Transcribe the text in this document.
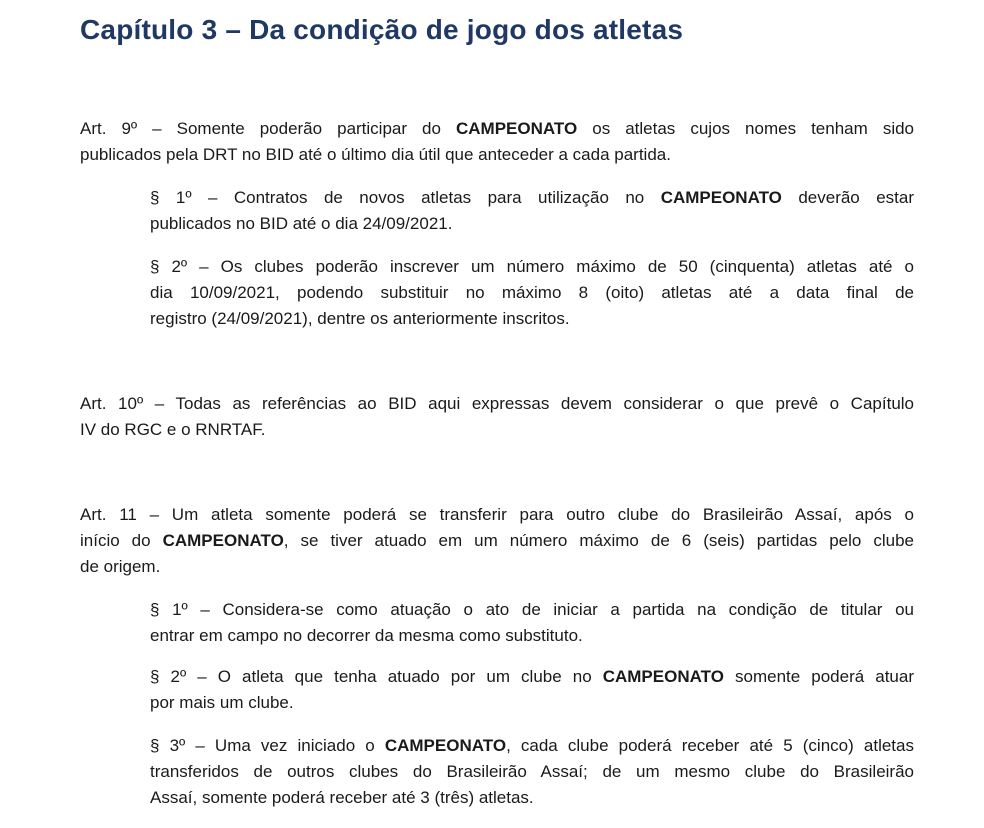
Capítulo 3 – Da condição de jogo dos atletas

Art. 9º – Somente poderão participar do CAMPEONATO os atletas cujos nomes tenham sido
publicados pela DRT no BID até o último dia útil que anteceder a cada partida.

§ 1º – Contratos de novos atletas para utilização no CAMPEONATO deverão estar
publicados no BID até o dia 24/09/2021.

§ 2º – Os clubes poderão inscrever um número máximo de 50 (cinquenta) atletas até o
dia 10/09/2021, podendo substituir no máximo 8 (oito) atletas até a data final de
registro (24/09/2021), dentre os anteriormente inscritos.

Art. 10º – Todas as referências ao BID aqui expressas devem considerar o que prevê o Capítulo
IV do RGC e o RNRTAF.

Art. 11 – Um atleta somente poderá se transferir para outro clube do Brasileirão Assaí, após o
início do CAMPEONATO, se tiver atuado em um número máximo de 6 (seis) partidas pelo clube
de origem.

§ 1º – Considera-se como atuação o ato de iniciar a partida na condição de titular ou
entrar em campo no decorrer da mesma como substituto.

§ 2º – O atleta que tenha atuado por um clube no CAMPEONATO somente poderá atuar
por mais um clube.

§ 3º – Uma vez iniciado o CAMPEONATO, cada clube poderá receber até 5 (cinco) atletas
transferidos de outros clubes do Brasileirão Assaí; de um mesmo clube do Brasileirão
Assaí, somente poderá receber até 3 (três) atletas.
